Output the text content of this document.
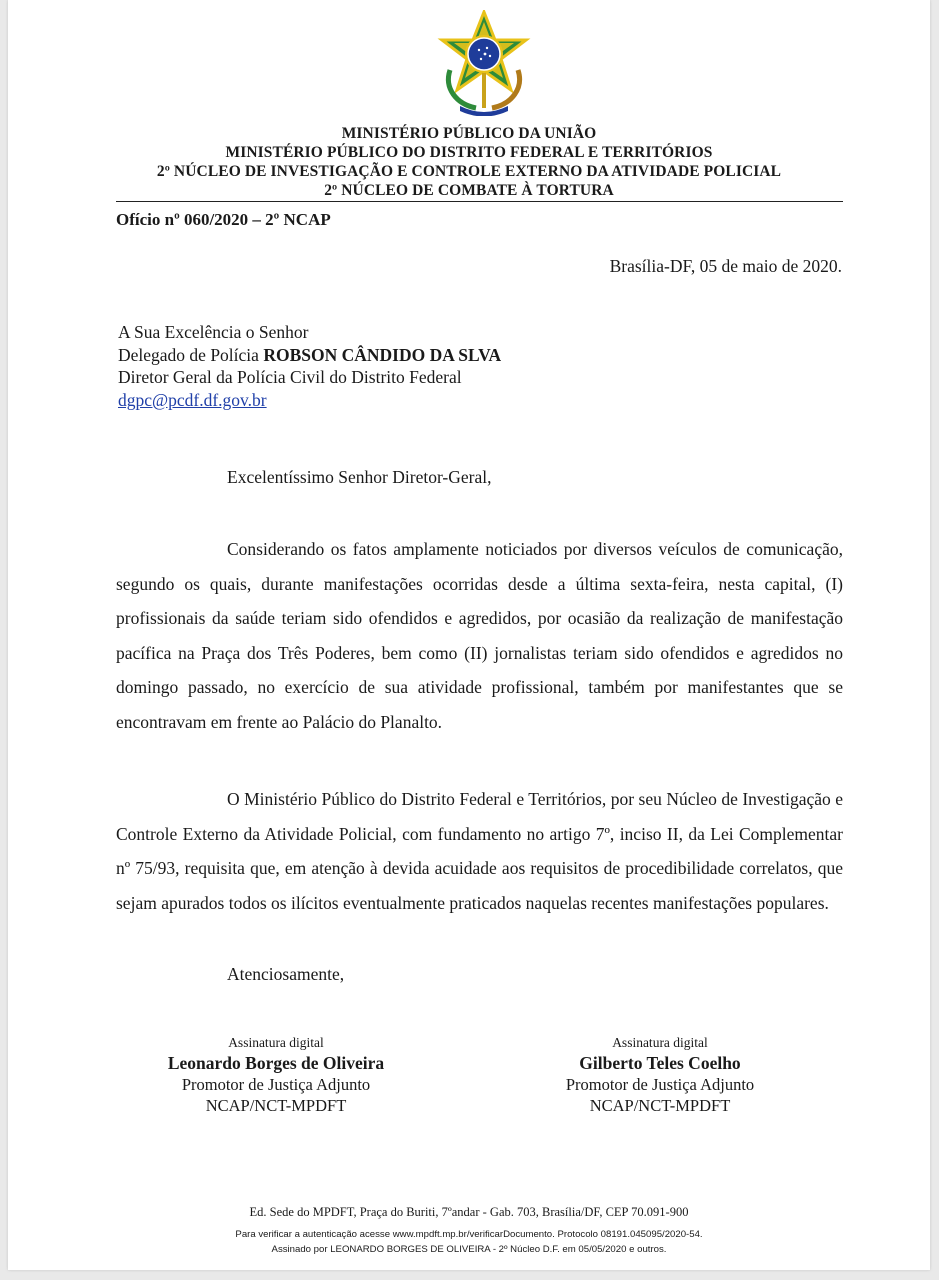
MINISTÉRIO PÚBLICO DA UNIÃO
MINISTÉRIO PÚBLICO DO DISTRITO FEDERAL E TERRITÓRIOS
2º NÚCLEO DE INVESTIGAÇÃO E CONTROLE EXTERNO DA ATIVIDADE POLICIAL
2º NÚCLEO DE COMBATE À TORTURA
Ofício nº 060/2020 – 2º NCAP
Brasília-DF, 05 de maio de 2020.
A Sua Excelência o Senhor
Delegado de Polícia ROBSON CÂNDIDO DA SLVA
Diretor Geral da Polícia Civil do Distrito Federal
dgpc@pcdf.df.gov.br
Excelentíssimo Senhor Diretor-Geral,
Considerando os fatos amplamente noticiados por diversos veículos de comunicação, segundo os quais, durante manifestações ocorridas desde a última sexta-feira, nesta capital, (I) profissionais da saúde teriam sido ofendidos e agredidos, por ocasião da realização de manifestação pacífica na Praça dos Três Poderes, bem como (II) jornalistas teriam sido ofendidos e agredidos no domingo passado, no exercício de sua atividade profissional, também por manifestantes que se encontravam em frente ao Palácio do Planalto.
O Ministério Público do Distrito Federal e Territórios, por seu Núcleo de Investigação e Controle Externo da Atividade Policial, com fundamento no artigo 7º, inciso II, da Lei Complementar nº 75/93, requisita que, em atenção à devida acuidade aos requisitos de procedibilidade correlatos, que sejam apurados todos os ilícitos eventualmente praticados naquelas recentes manifestações populares.
Atenciosamente,
Assinatura digital
Leonardo Borges de Oliveira
Promotor de Justiça Adjunto
NCAP/NCT-MPDFT
Assinatura digital
Gilberto Teles Coelho
Promotor de Justiça Adjunto
NCAP/NCT-MPDFT
Ed. Sede do MPDFT, Praça do Buriti, 7ºandar - Gab. 703, Brasília/DF, CEP 70.091-900
Para verificar a autenticação acesse www.mpdft.mp.br/verificarDocumento. Protocolo 08191.045095/2020-54.
Assinado por LEONARDO BORGES DE OLIVEIRA - 2º Núcleo D.F. em 05/05/2020 e outros.
